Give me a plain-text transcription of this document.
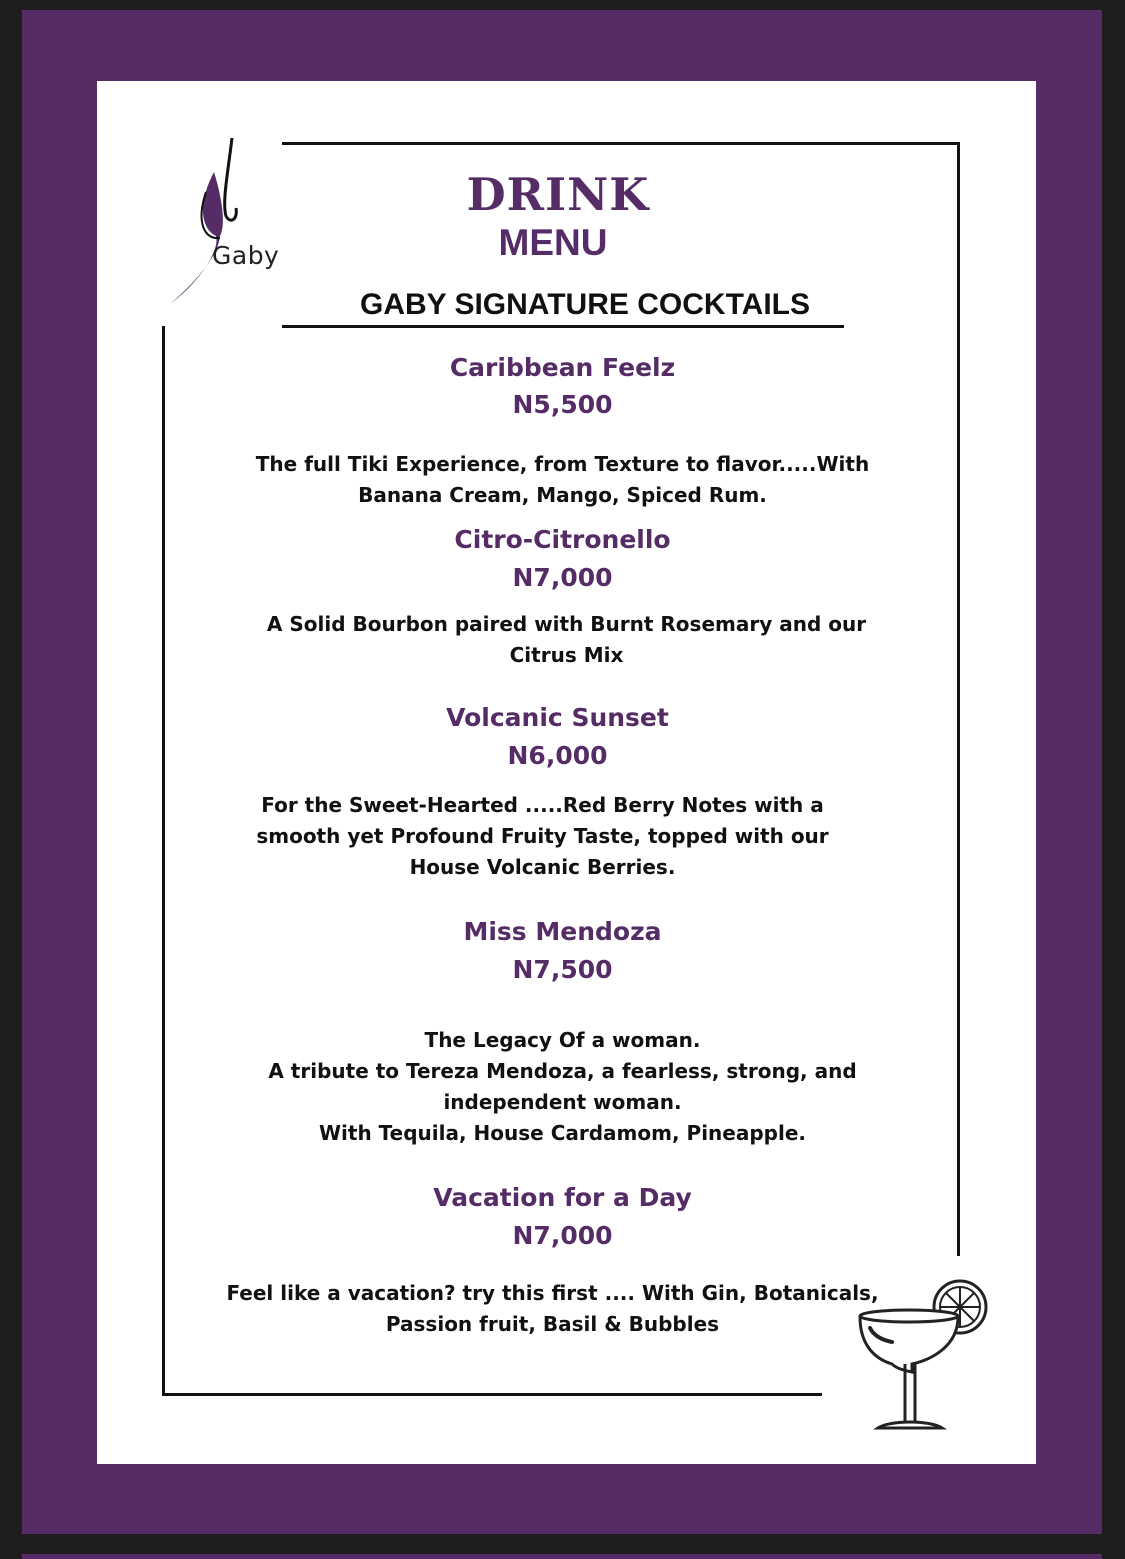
Gaby
DRINK
MENU
GABY SIGNATURE COCKTAILS
Caribbean Feelz
N5,500
The full Tiki Experience, from Texture to flavor.....With
Banana Cream, Mango, Spiced Rum.
Citro-Citronello
N7,000
A Solid Bourbon paired with Burnt Rosemary and our
Citrus Mix
Volcanic Sunset
N6,000
For the Sweet-Hearted .....Red Berry Notes with a
smooth yet Profound Fruity Taste, topped with our
House Volcanic Berries.
Miss Mendoza
N7,500
The Legacy Of a woman.
A tribute to Tereza Mendoza, a fearless, strong, and
independent woman.
With Tequila, House Cardamom, Pineapple.
Vacation for a Day
N7,000
Feel like a vacation? try this first .... With Gin, Botanicals,
Passion fruit, Basil & Bubbles
